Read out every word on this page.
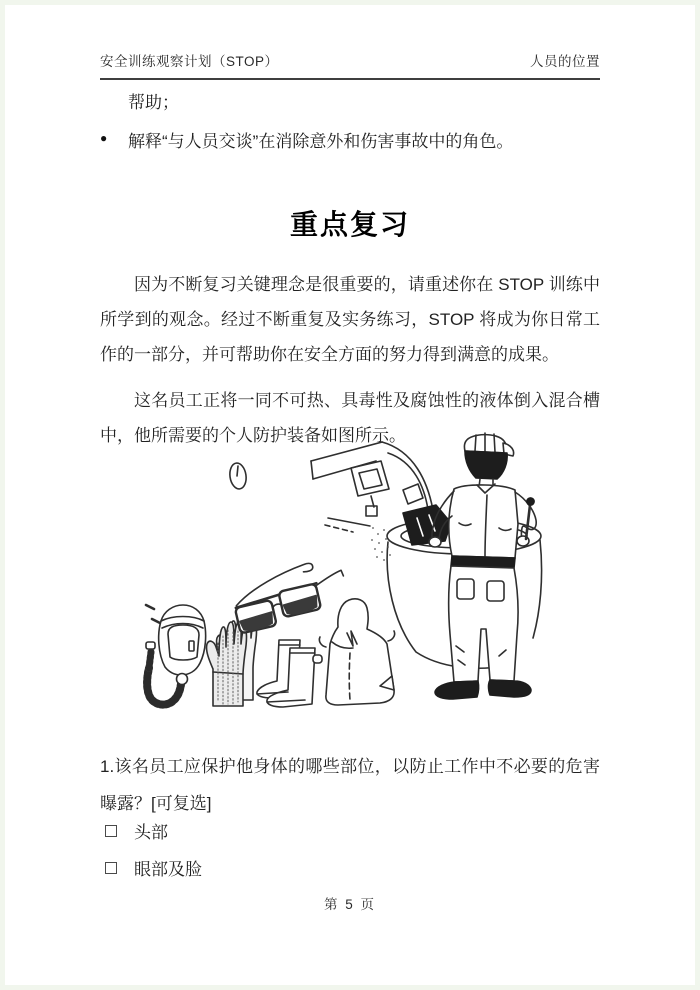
安全训练观察计划（STOP）	人员的位置
帮助；
●	解释“与人员交谈”在消除意外和伤害事故中的角色。
重点复习

因为不断复习关键理念是很重要的，请重述你在 STOP 训练中所学到的观念。经过不断重复及实务练习，STOP 将成为你日常工作的一部分，并可帮助你在安全方面的努力得到满意的成果。

这名员工正将一同不可热、具毒性及腐蚀性的液体倒入混合槽中，他所需要的个人防护装备如图所示。

1.该名员工应保护他身体的哪些部位，以防止工作中不必要的危害曝露？[可复选]

头部
眼部及脸
第 5 页
